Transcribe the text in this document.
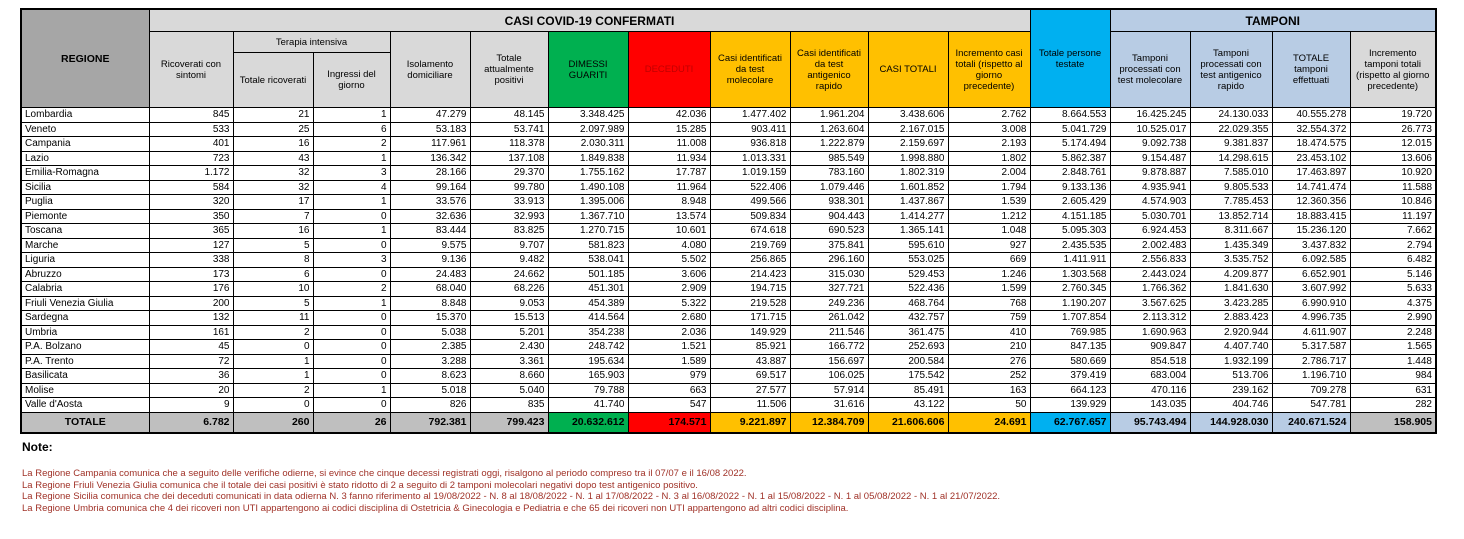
REGIONE	CASI COVID-19 CONFERMATI											Totale persone testate	TAMPONI			
	Ricoverati con sintomi	Terapia intensiva		Isolamento domiciliare	Totale attualmente positivi	DIMESSI GUARITI	DECEDUTI	Casi identificati da test molecolare	Casi identificati da test antigenico rapido	CASI TOTALI	Incremento casi totali (rispetto al giorno precedente)		Tamponi processati con test molecolare	Tamponi processati con test antigenico rapido	TOTALE tamponi effettuati	Incremento tamponi totali (rispetto al giorno precedente)
		Totale ricoverati	Ingressi del giorno													
Lombardia	845	21	1	47.279	48.145	3.348.425	42.036	1.477.402	1.961.204	3.438.606	2.762	8.664.553	16.425.245	24.130.033	40.555.278	19.720
Veneto	533	25	6	53.183	53.741	2.097.989	15.285	903.411	1.263.604	2.167.015	3.008	5.041.729	10.525.017	22.029.355	32.554.372	26.773
Campania	401	16	2	117.961	118.378	2.030.311	11.008	936.818	1.222.879	2.159.697	2.193	5.174.494	9.092.738	9.381.837	18.474.575	12.015
Lazio	723	43	1	136.342	137.108	1.849.838	11.934	1.013.331	985.549	1.998.880	1.802	5.862.387	9.154.487	14.298.615	23.453.102	13.606
Emilia-Romagna	1.172	32	3	28.166	29.370	1.755.162	17.787	1.019.159	783.160	1.802.319	2.004	2.848.761	9.878.887	7.585.010	17.463.897	10.920
Sicilia	584	32	4	99.164	99.780	1.490.108	11.964	522.406	1.079.446	1.601.852	1.794	9.133.136	4.935.941	9.805.533	14.741.474	11.588
Puglia	320	17	1	33.576	33.913	1.395.006	8.948	499.566	938.301	1.437.867	1.539	2.605.429	4.574.903	7.785.453	12.360.356	10.846
Piemonte	350	7	0	32.636	32.993	1.367.710	13.574	509.834	904.443	1.414.277	1.212	4.151.185	5.030.701	13.852.714	18.883.415	11.197
Toscana	365	16	1	83.444	83.825	1.270.715	10.601	674.618	690.523	1.365.141	1.048	5.095.303	6.924.453	8.311.667	15.236.120	7.662
Marche	127	5	0	9.575	9.707	581.823	4.080	219.769	375.841	595.610	927	2.435.535	2.002.483	1.435.349	3.437.832	2.794
Liguria	338	8	3	9.136	9.482	538.041	5.502	256.865	296.160	553.025	669	1.411.911	2.556.833	3.535.752	6.092.585	6.482
Abruzzo	173	6	0	24.483	24.662	501.185	3.606	214.423	315.030	529.453	1.246	1.303.568	2.443.024	4.209.877	6.652.901	5.146
Calabria	176	10	2	68.040	68.226	451.301	2.909	194.715	327.721	522.436	1.599	2.760.345	1.766.362	1.841.630	3.607.992	5.633
Friuli Venezia Giulia	200	5	1	8.848	9.053	454.389	5.322	219.528	249.236	468.764	768	1.190.207	3.567.625	3.423.285	6.990.910	4.375
Sardegna	132	11	0	15.370	15.513	414.564	2.680	171.715	261.042	432.757	759	1.707.854	2.113.312	2.883.423	4.996.735	2.990
Umbria	161	2	0	5.038	5.201	354.238	2.036	149.929	211.546	361.475	410	769.985	1.690.963	2.920.944	4.611.907	2.248
P.A. Bolzano	45	0	0	2.385	2.430	248.742	1.521	85.921	166.772	252.693	210	847.135	909.847	4.407.740	5.317.587	1.565
P.A. Trento	72	1	0	3.288	3.361	195.634	1.589	43.887	156.697	200.584	276	580.669	854.518	1.932.199	2.786.717	1.448
Basilicata	36	1	0	8.623	8.660	165.903	979	69.517	106.025	175.542	252	379.419	683.004	513.706	1.196.710	984
Molise	20	2	1	5.018	5.040	79.788	663	27.577	57.914	85.491	163	664.123	470.116	239.162	709.278	631
Valle d'Aosta	9	0	0	826	835	41.740	547	11.506	31.616	43.122	50	139.929	143.035	404.746	547.781	282
TOTALE	6.782	260	26	792.381	799.423	20.632.612	174.571	9.221.897	12.384.709	21.606.606	24.691	62.767.657	95.743.494	144.928.030	240.671.524	158.905
Note:
La Regione Campania comunica che a seguito delle verifiche odierne, si evince che cinque decessi registrati oggi, risalgono al periodo compreso tra il 07/07 e il 16/08 2022.
La Regione Friuli Venezia Giulia comunica che il totale dei casi positivi è stato ridotto di 2 a seguito di 2 tamponi molecolari negativi dopo test antigenico positivo.
La Regione Sicilia comunica che dei deceduti comunicati in data odierna N. 3 fanno riferimento al 19/08/2022 - N. 8 al 18/08/2022 - N. 1 al 17/08/2022 - N. 3 al 16/08/2022 - N. 1 al 15/08/2022 - N. 1 al 05/08/2022 - N. 1 al 21/07/2022.
La Regione Umbria comunica che 4 dei ricoveri non UTI appartengono ai codici disciplina di Ostetricia & Ginecologia e Pediatria e che 65 dei ricoveri non UTI appartengono ad altri codici disciplina.
